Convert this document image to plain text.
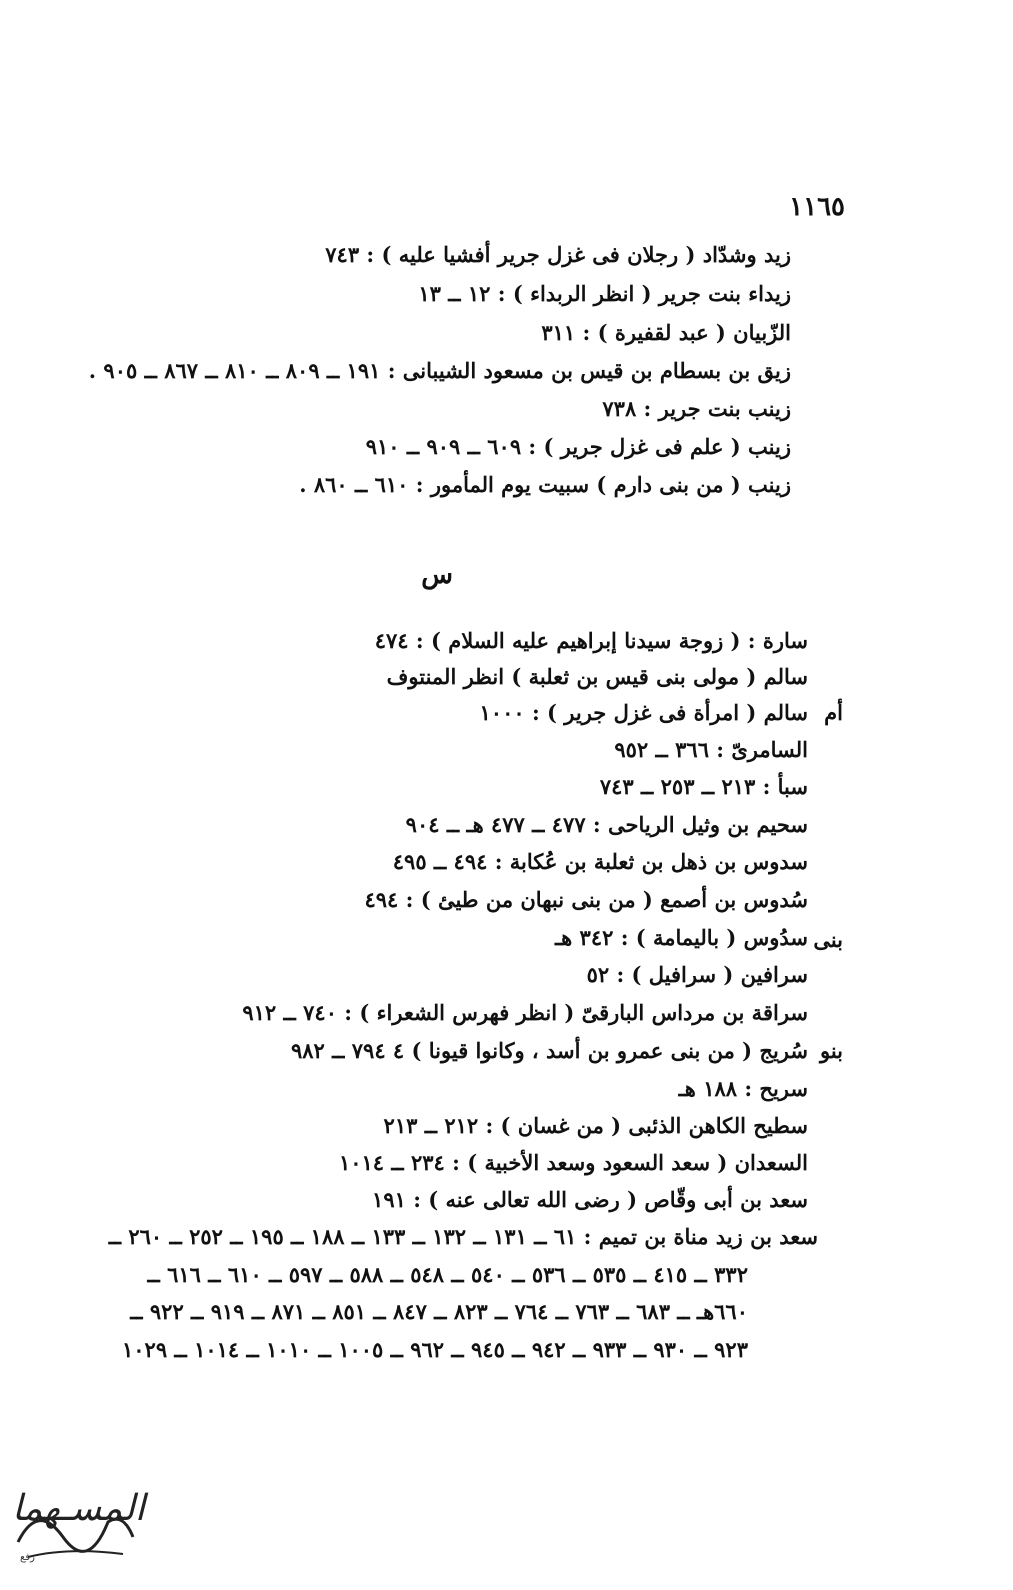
١١٦٥
زيد وشدّاد ( رجلان فى غزل جرير أفشيا عليه ) : ٧٤٣
زيداء بنت جرير ( انظر الربداء ) : ١٢ ــ ١٣
الزّبيان ( عبد لقفيرة ) : ٣١١
زيق بن بسطام بن قيس بن مسعود الشيبانى : ١٩١ ــ ٨٠٩ ــ ٨١٠ ــ ٨٦٧ ــ ٩٠٥ .
زينب بنت جرير : ٧٣٨
زينب ( علم فى غزل جرير ) : ٦٠٩ ــ ٩٠٩ ــ ٩١٠
زينب ( من بنى دارم ) سبيت يوم المأمور : ٦١٠ ــ ٨٦٠ .
س
سارة : ( زوجة سيدنا إبراهيم عليه السلام ) : ٤٧٤
سالم ( مولى بنى قيس بن ثعلبة ) انظر المنتوف
أم
سالم ( امرأة فى غزل جرير ) : ١٠٠٠
السامرىّ : ٣٦٦ ــ ٩٥٢
سبأ : ٢١٣ ــ ٢٥٣ ــ ٧٤٣
سحيم بن وثيل الرياحى : ٤٧٧ ــ ٤٧٧ هـ ــ ٩٠٤
سدوس بن ذهل بن ثعلبة بن عُكابة : ٤٩٤ ــ ٤٩٥
سُدوس بن أصمع ( من بنى نبهان من طيئ ) : ٤٩٤
بنى
سدُوس ( باليمامة ) : ٣٤٢ هـ
سرافين ( سرافيل ) : ٥٢
سراقة بن مرداس البارقىّ ( انظر فهرس الشعراء ) : ٧٤٠ ــ ٩١٢
بنو
سُريج ( من بنى عمرو بن أسد ، وكانوا قيونا ) ٤ ٧٩٤ ــ ٩٨٢
سريح : ١٨٨ هـ
سطيح الكاهن الذئبى ( من غسان ) : ٢١٢ ــ ٢١٣
السعدان ( سعد السعود وسعد الأخبية ) : ٢٣٤ ــ ١٠١٤
سعد بن أبى وقّاص ( رضى الله تعالى عنه ) : ١٩١
سعد بن زيد مناة بن تميم : ٦١ ــ ١٣١ ــ ١٣٢ ــ ١٣٣ ــ ١٨٨ ــ ١٩٥ ــ ٢٥٢ ــ ٢٦٠ ــ
٣٣٢ ــ ٤١٥ ــ ٥٣٥ ــ ٥٣٦ ــ ٥٤٠ ــ ٥٤٨ ــ ٥٨٨ ــ ٥٩٧ ــ ٦١٠ ــ ٦١٦ ــ
٦٦٠هـ ــ ٦٨٣ ــ ٧٦٣ ــ ٧٦٤ ــ ٨٢٣ ــ ٨٤٧ ــ ٨٥١ ــ ٨٧١ ــ ٩١٩ ــ ٩٢٢ ــ
٩٢٣ ــ ٩٣٠ ــ ٩٣٣ ــ ٩٤٢ ــ ٩٤٥ ــ ٩٦٢ ــ ١٠٠٥ ــ ١٠١٠ ــ ١٠١٤ ــ ١٠٢٩
المسـ‍هما
رفع
